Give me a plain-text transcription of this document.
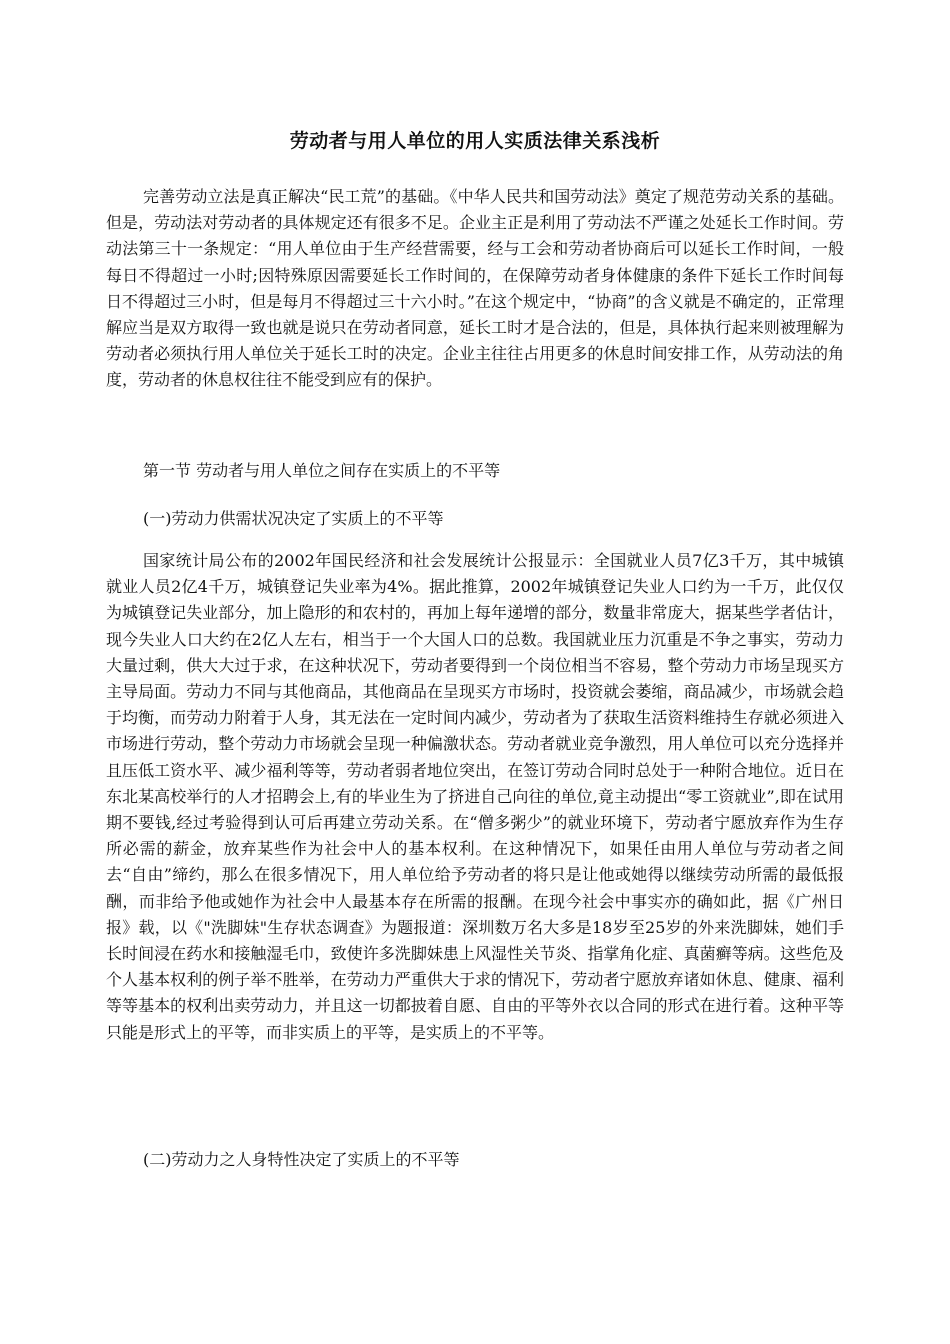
劳动者与用人单位的用人实质法律关系浅析

完善劳动立法是真正解决“民工荒”的基础。《中华人民共和国劳动法》奠定了规范劳动关系的基础。但是，劳动法对劳动者的具体规定还有很多不足。企业主正是利用了劳动法不严谨之处延长工作时间。劳动法第三十一条规定：“用人单位由于生产经营需要，经与工会和劳动者协商后可以延长工作时间，一般每日不得超过一小时;因特殊原因需要延长工作时间的，在保障劳动者身体健康的条件下延长工作时间每日不得超过三小时，但是每月不得超过三十六小时。”在这个规定中，“协商”的含义就是不确定的，正常理解应当是双方取得一致也就是说只在劳动者同意，延长工时才是合法的，但是，具体执行起来则被理解为劳动者必须执行用人单位关于延长工时的决定。企业主往往占用更多的休息时间安排工作，从劳动法的角度，劳动者的休息权往往不能受到应有的保护。

第一节 劳动者与用人单位之间存在实质上的不平等

(一)劳动力供需状况决定了实质上的不平等

国家统计局公布的2002年国民经济和社会发展统计公报显示：全国就业人员7亿3千万，其中城镇就业人员2亿4千万，城镇登记失业率为4%。据此推算，2002年城镇登记失业人口约为一千万，此仅仅为城镇登记失业部分，加上隐形的和农村的，再加上每年递增的部分，数量非常庞大，据某些学者估计，现今失业人口大约在2亿人左右，相当于一个大国人口的总数。我国就业压力沉重是不争之事实，劳动力大量过剩，供大大过于求，在这种状况下，劳动者要得到一个岗位相当不容易，整个劳动力市场呈现买方主导局面。劳动力不同与其他商品，其他商品在呈现买方市场时，投资就会萎缩，商品减少，市场就会趋于均衡，而劳动力附着于人身，其无法在一定时间内减少，劳动者为了获取生活资料维持生存就必须进入市场进行劳动，整个劳动力市场就会呈现一种偏激状态。劳动者就业竞争激烈，用人单位可以充分选择并且压低工资水平、减少福利等等，劳动者弱者地位突出，在签订劳动合同时总处于一种附合地位。近日在东北某高校举行的人才招聘会上,有的毕业生为了挤进自己向往的单位,竟主动提出“零工资就业”,即在试用期不要钱,经过考验得到认可后再建立劳动关系。在“僧多粥少”的就业环境下，劳动者宁愿放弃作为生存所必需的薪金，放弃某些作为社会中人的基本权利。在这种情况下，如果任由用人单位与劳动者之间去“自由”缔约，那么在很多情况下，用人单位给予劳动者的将只是让他或她得以继续劳动所需的最低报酬，而非给予他或她作为社会中人最基本存在所需的报酬。在现今社会中事实亦的确如此，据《广州日报》载，以《"洗脚妹"生存状态调查》为题报道：深圳数万名大多是18岁至25岁的外来洗脚妹，她们手长时间浸在药水和接触湿毛巾，致使许多洗脚妹患上风湿性关节炎、指掌角化症、真菌癣等病。这些危及个人基本权利的例子举不胜举，在劳动力严重供大于求的情况下，劳动者宁愿放弃诸如休息、健康、福利等等基本的权利出卖劳动力，并且这一切都披着自愿、自由的平等外衣以合同的形式在进行着。这种平等只能是形式上的平等，而非实质上的平等，是实质上的不平等。

(二)劳动力之人身特性决定了实质上的不平等
